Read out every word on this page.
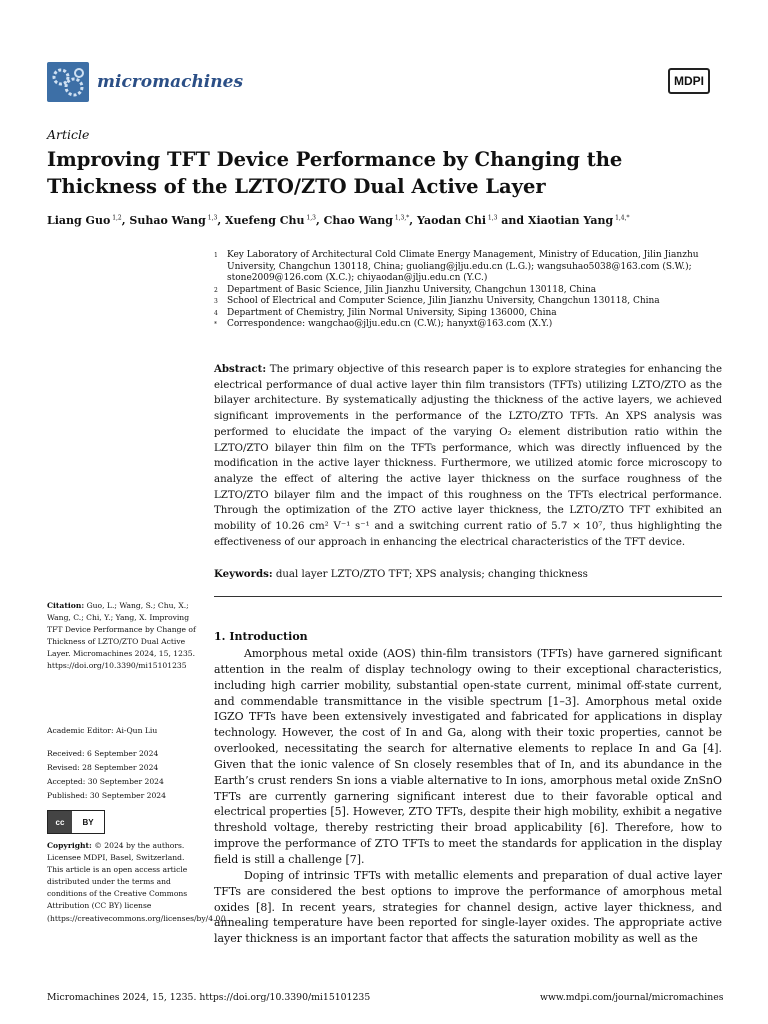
micromachines	MDPI
Article
Improving TFT Device Performance by Changing the Thickness of the LZTO/ZTO Dual Active Layer
Liang Guo $^{1,2}$, Suhao Wang $^{1,3}$, Xuefeng Chu $^{1,3}$, Chao Wang $^{1,3,*}$, Yaodan Chi $^{1,3}$ and Xiaotian Yang $^{1,4,*}$
1	Key Laboratory of Architectural Cold Climate Energy Management, Ministry of Education, Jilin Jianzhu University, Changchun 130118, China; guoliang@jlju.edu.cn (L.G.); wangsuhao5038@163.com (S.W.); stone2009@126.com (X.C.); chiyaodan@jlju.edu.cn (Y.C.)
2	Department of Basic Science, Jilin Jianzhu University, Changchun 130118, China
3	School of Electrical and Computer Science, Jilin Jianzhu University, Changchun 130118, China
4	Department of Chemistry, Jilin Normal University, Siping 136000, China
*	Correspondence: wangchao@jlju.edu.cn (C.W.); hanyxt@163.com (X.Y.)
Abstract: The primary objective of this research paper is to explore strategies for enhancing the electrical performance of dual active layer thin film transistors (TFTs) utilizing LZTO/ZTO as the bilayer architecture. By systematically adjusting the thickness of the active layers, we achieved significant improvements in the performance of the LZTO/ZTO TFTs. An XPS analysis was performed to elucidate the impact of the varying O₂ element distribution ratio within the LZTO/ZTO bilayer thin film on the TFTs performance, which was directly influenced by the modification in the active layer thickness. Furthermore, we utilized atomic force microscopy to analyze the effect of altering the active layer thickness on the surface roughness of the LZTO/ZTO bilayer film and the impact of this roughness on the TFTs electrical performance. Through the optimization of the ZTO active layer thickness, the LZTO/ZTO TFT exhibited an mobility of 10.26 cm² V⁻¹ s⁻¹ and a switching current ratio of 5.7 × 10⁷, thus highlighting the effectiveness of our approach in enhancing the electrical characteristics of the TFT device.
Keywords: dual layer LZTO/ZTO TFT; XPS analysis; changing thickness
Citation: Guo, L.; Wang, S.; Chu, X.; Wang, C.; Chi, Y.; Yang, X. Improving TFT Device Performance by Change of Thickness of LZTO/ZTO Dual Active Layer. Micromachines 2024, 15, 1235. https://doi.org/10.3390/mi15101235
Academic Editor: Ai-Qun Liu
Received: 6 September 2024
Revised: 28 September 2024
Accepted: 30 September 2024
Published: 30 September 2024
cc	BY
Copyright: © 2024 by the authors. Licensee MDPI, Basel, Switzerland. This article is an open access article distributed under the terms and conditions of the Creative Commons Attribution (CC BY) license (https://creativecommons.org/licenses/by/4.0/).
1. Introduction

Amorphous metal oxide (AOS) thin-film transistors (TFTs) have garnered significant attention in the realm of display technology owing to their exceptional characteristics, including high carrier mobility, substantial open-state current, minimal off-state current, and commendable transmittance in the visible spectrum [1–3]. Amorphous metal oxide IGZO TFTs have been extensively investigated and fabricated for applications in display technology. However, the cost of In and Ga, along with their toxic properties, cannot be overlooked, necessitating the search for alternative elements to replace In and Ga [4]. Given that the ionic valence of Sn closely resembles that of In, and its abundance in the Earth’s crust renders Sn ions a viable alternative to In ions, amorphous metal oxide ZnSnO TFTs are currently garnering significant interest due to their favorable optical and electrical properties [5]. However, ZTO TFTs, despite their high mobility, exhibit a negative threshold voltage, thereby restricting their broad applicability [6]. Therefore, how to improve the performance of ZTO TFTs to meet the standards for application in the display field is still a challenge [7].

Doping of intrinsic TFTs with metallic elements and preparation of dual active layer TFTs are considered the best options to improve the performance of amorphous metal oxides [8]. In recent years, strategies for channel design, active layer thickness, and annealing temperature have been reported for single-layer oxides. The appropriate active layer thickness is an important factor that affects the saturation mobility as well as the

Micromachines 2024, 15, 1235. https://doi.org/10.3390/mi15101235	www.mdpi.com/journal/micromachines
